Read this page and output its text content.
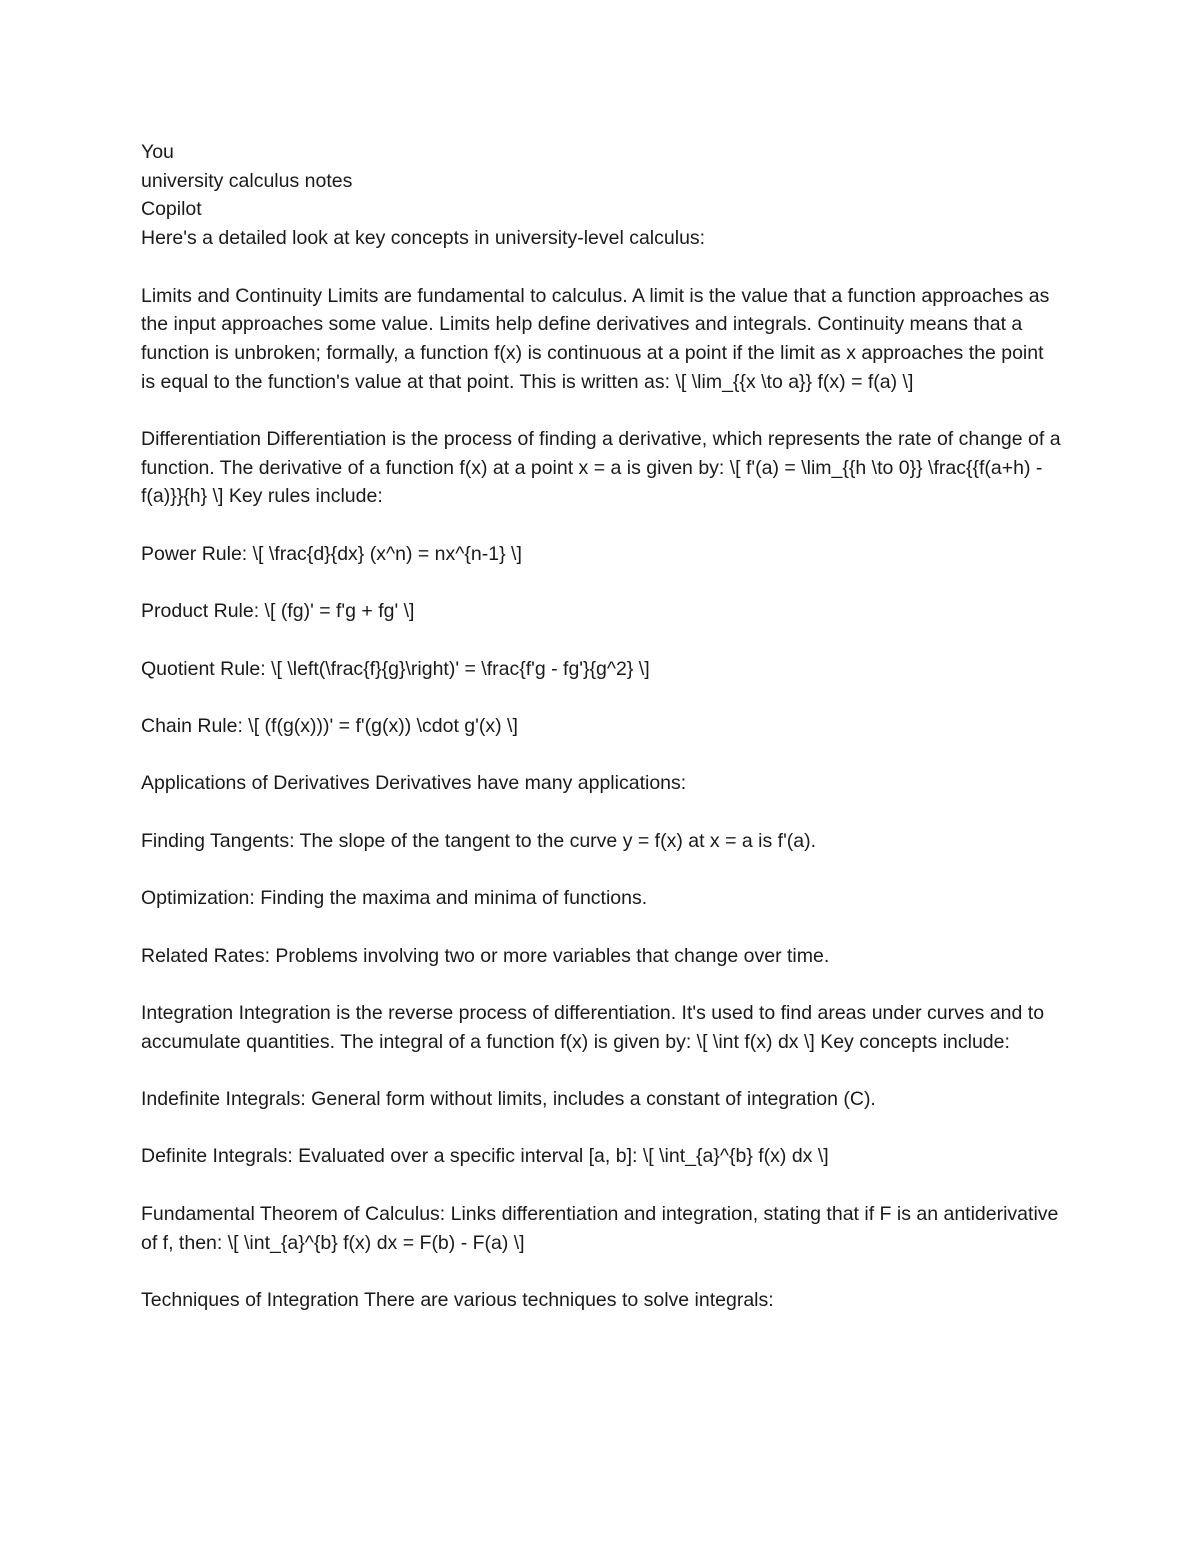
You

university calculus notes

Copilot

Here's a detailed look at key concepts in university-level calculus:

Limits and Continuity Limits are fundamental to calculus. A limit is the value that a function approaches as the input approaches some value. Limits help define derivatives and integrals. Continuity means that a function is unbroken; formally, a function f(x) is continuous at a point if the limit as x approaches the point is equal to the function's value at that point. This is written as: \[ \lim_{{x \to a}} f(x) = f(a) \]

Differentiation Differentiation is the process of finding a derivative, which represents the rate of change of a function. The derivative of a function f(x) at a point x = a is given by: \[ f'(a) = \lim_{{h \to 0}} \frac{{f(a+h) - f(a)}}{h} \] Key rules include:

Power Rule: \[ \frac{d}{dx} (x^n) = nx^{n-1} \]

Product Rule: \[ (fg)' = f'g + fg' \]

Quotient Rule: \[ \left(\frac{f}{g}\right)' = \frac{f'g - fg'}{g^2} \]

Chain Rule: \[ (f(g(x)))' = f'(g(x)) \cdot g'(x) \]

Applications of Derivatives Derivatives have many applications:

Finding Tangents: The slope of the tangent to the curve y = f(x) at x = a is f'(a).

Optimization: Finding the maxima and minima of functions.

Related Rates: Problems involving two or more variables that change over time.

Integration Integration is the reverse process of differentiation. It's used to find areas under curves and to accumulate quantities. The integral of a function f(x) is given by: \[ \int f(x) dx \] Key concepts include:

Indefinite Integrals: General form without limits, includes a constant of integration (C).

Definite Integrals: Evaluated over a specific interval [a, b]: \[ \int_{a}^{b} f(x) dx \]

Fundamental Theorem of Calculus: Links differentiation and integration, stating that if F is an antiderivative of f, then: \[ \int_{a}^{b} f(x) dx = F(b) - F(a) \]

Techniques of Integration There are various techniques to solve integrals:
